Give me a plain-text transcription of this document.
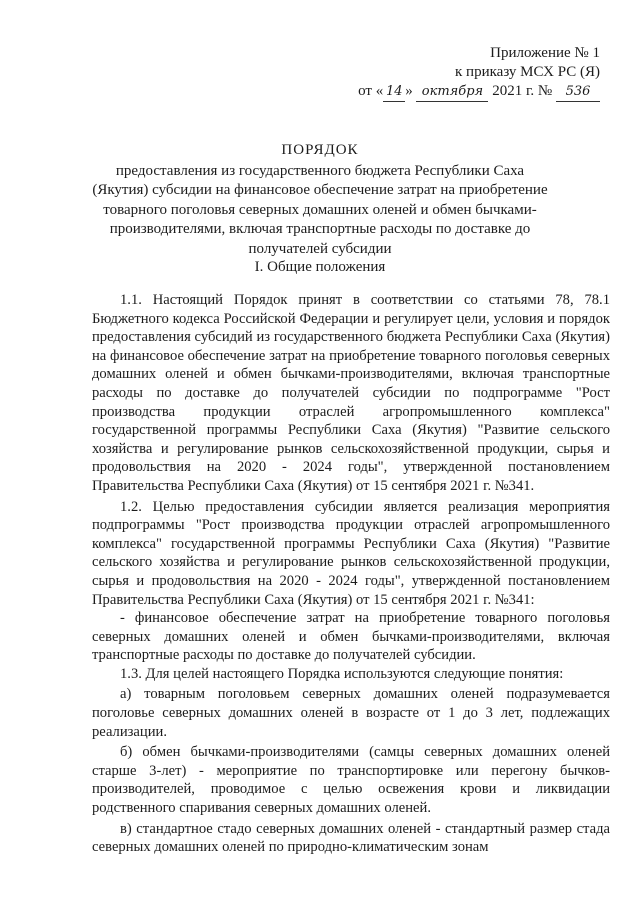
Приложение № 1
к приказу МСХ РС (Я)
от « 14 » октября 2021 г. № 536
ПОРЯДОК
предоставления из государственного бюджета Республики Саха (Якутия) субсидии на финансовое обеспечение затрат на приобретение товарного поголовья северных домашних оленей и обмен бычками-производителями, включая транспортные расходы по доставке до получателей субсидии
I. Общие положения

1.1. Настоящий Порядок принят в соответствии со статьями 78, 78.1 Бюджетного кодекса Российской Федерации и регулирует цели, условия и порядок предоставления субсидий из государственного бюджета Республики Саха (Якутия) на финансовое обеспечение затрат на приобретение товарного поголовья северных домашних оленей и обмен бычками-производителями, включая транспортные расходы по доставке до получателей субсидии по подпрограмме "Рост производства продукции отраслей агропромышленного комплекса" государственной программы Республики Саха (Якутия) "Развитие сельского хозяйства и регулирование рынков сельскохозяйственной продукции, сырья и продовольствия на 2020 - 2024 годы", утвержденной постановлением Правительства Республики Саха (Якутия) от 15 сентября 2021 г. №341.

1.2. Целью предоставления субсидии является реализация мероприятия подпрограммы "Рост производства продукции отраслей агропромышленного комплекса" государственной программы Республики Саха (Якутия) "Развитие сельского хозяйства и регулирование рынков сельскохозяйственной продукции, сырья и продовольствия на 2020 - 2024 годы", утвержденной постановлением Правительства Республики Саха (Якутия) от 15 сентября 2021 г. №341:

- финансовое обеспечение затрат на приобретение товарного поголовья северных домашних оленей и обмен бычками-производителями, включая транспортные расходы по доставке до получателей субсидии.

1.3. Для целей настоящего Порядка используются следующие понятия:

а) товарным поголовьем северных домашних оленей подразумевается поголовье северных домашних оленей в возрасте от 1 до 3 лет, подлежащих реализации.

б) обмен бычками-производителями (самцы северных домашних оленей старше 3-лет) - мероприятие по транспортировке или перегону бычков-производителей, проводимое с целью освежения крови и ликвидации родственного спаривания северных домашних оленей.

в) стандартное стадо северных домашних оленей - стандартный размер стада северных домашних оленей по природно-климатическим зонам
